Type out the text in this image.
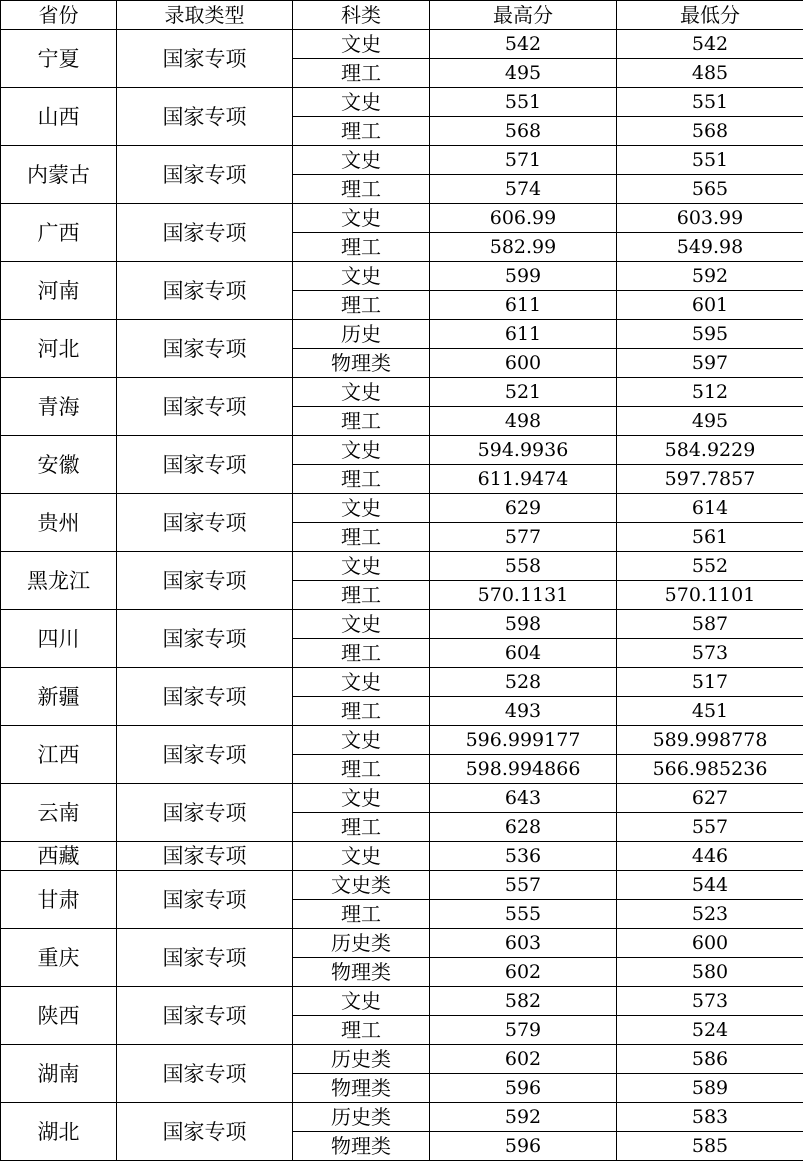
省份	录取类型	科类	最高分	最低分
宁夏	国家专项	文史	542	542
		理工	495	485
山西	国家专项	文史	551	551
		理工	568	568
内蒙古	国家专项	文史	571	551
		理工	574	565
广西	国家专项	文史	606.99	603.99
		理工	582.99	549.98
河南	国家专项	文史	599	592
		理工	611	601
河北	国家专项	历史	611	595
		物理类	600	597
青海	国家专项	文史	521	512
		理工	498	495
安徽	国家专项	文史	594.9936	584.9229
		理工	611.9474	597.7857
贵州	国家专项	文史	629	614
		理工	577	561
黑龙江	国家专项	文史	558	552
		理工	570.1131	570.1101
四川	国家专项	文史	598	587
		理工	604	573
新疆	国家专项	文史	528	517
		理工	493	451
江西	国家专项	文史	596.999177	589.998778
		理工	598.994866	566.985236
云南	国家专项	文史	643	627
		理工	628	557
西藏	国家专项	文史	536	446
甘肃	国家专项	文史类	557	544
		理工	555	523
重庆	国家专项	历史类	603	600
		物理类	602	580
陕西	国家专项	文史	582	573
		理工	579	524
湖南	国家专项	历史类	602	586
		物理类	596	589
湖北	国家专项	历史类	592	583
		物理类	596	585
